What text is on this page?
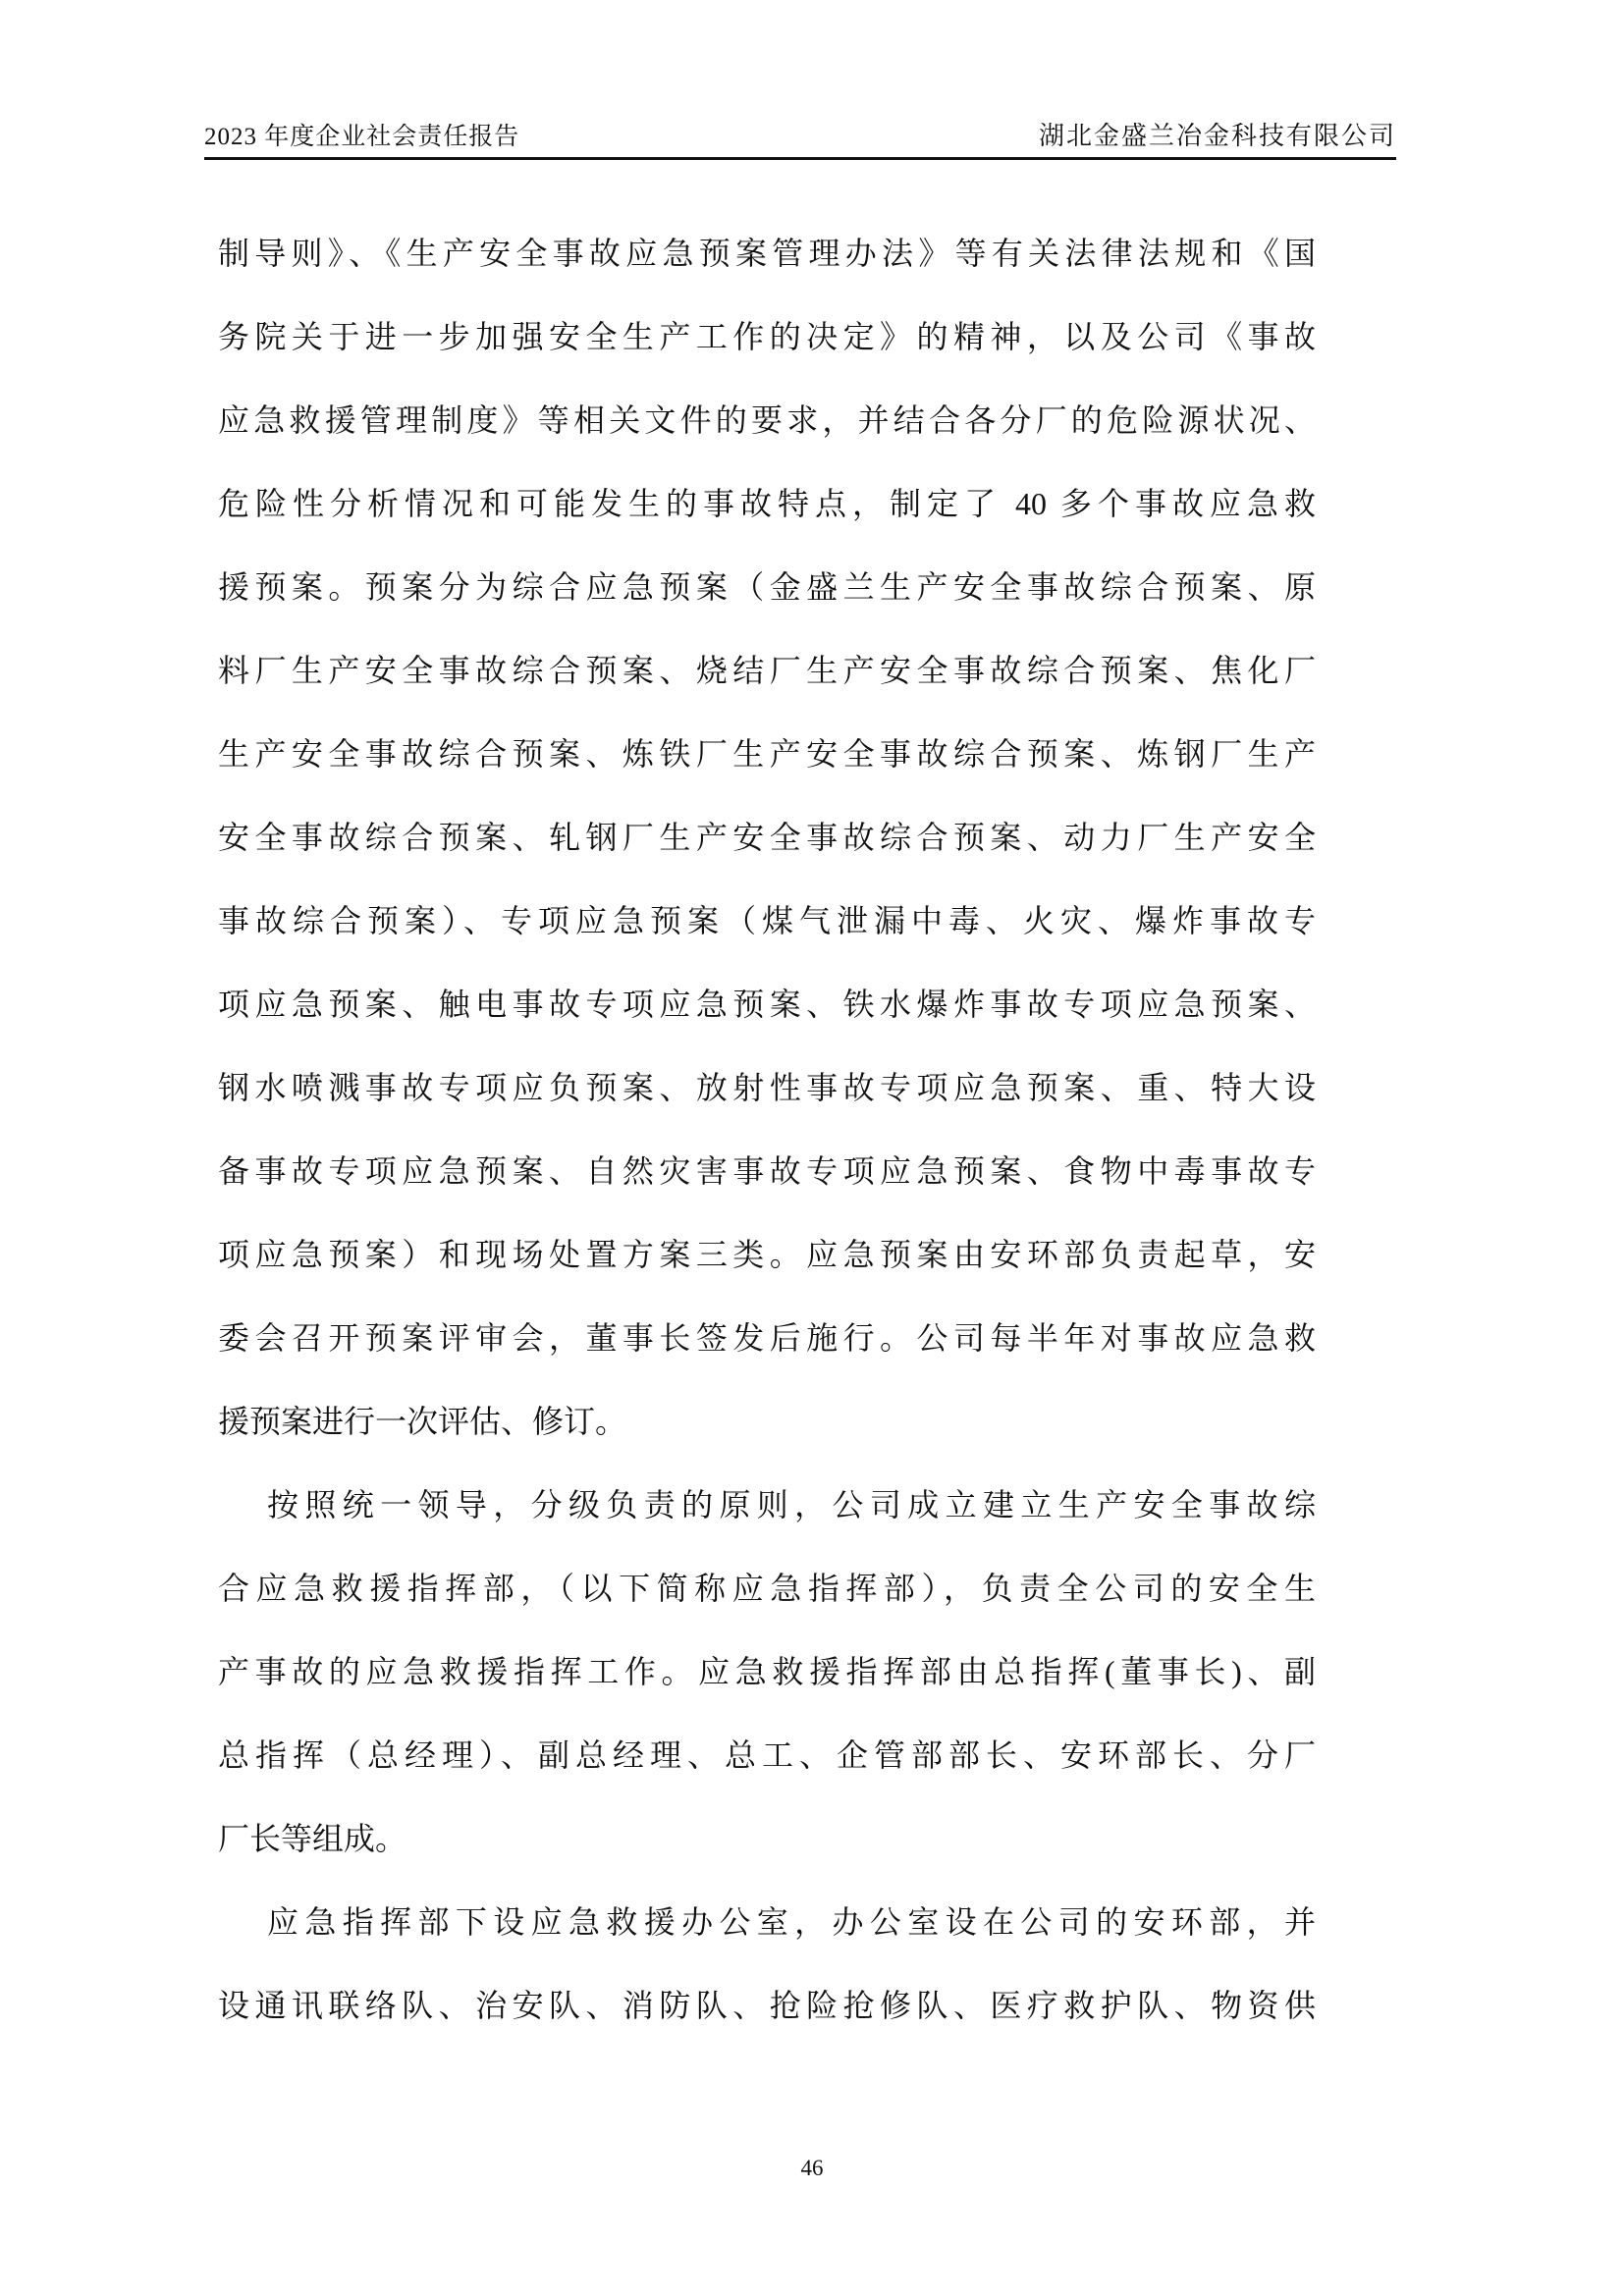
2023 年度企业社会责任报告	湖北金盛兰冶金科技有限公司
制导则》、《生产安全事故应急预案管理办法》等有关法律法规和《国
务院关于进一步加强安全生产工作的决定》的精神，以及公司《事故
应急救援管理制度》等相关文件的要求，并结合各分厂的危险源状况、
危险性分析情况和可能发生的事故特点，制定了 40 多个事故应急救
援预案。预案分为综合应急预案（金盛兰生产安全事故综合预案、原
料厂生产安全事故综合预案、烧结厂生产安全事故综合预案、焦化厂
生产安全事故综合预案、炼铁厂生产安全事故综合预案、炼钢厂生产
安全事故综合预案、轧钢厂生产安全事故综合预案、动力厂生产安全
事故综合预案）、专项应急预案（煤气泄漏中毒、火灾、爆炸事故专
项应急预案、触电事故专项应急预案、铁水爆炸事故专项应急预案、
钢水喷溅事故专项应负预案、放射性事故专项应急预案、重、特大设
备事故专项应急预案、自然灾害事故专项应急预案、食物中毒事故专
项应急预案）和现场处置方案三类。应急预案由安环部负责起草，安
委会召开预案评审会，董事长签发后施行。公司每半年对事故应急救
援预案进行一次评估、修订。
按照统一领导，分级负责的原则，公司成立建立生产安全事故综
合应急救援指挥部，（以下简称应急指挥部），负责全公司的安全生
产事故的应急救援指挥工作。应急救援指挥部由总指挥(董事长)、副
总指挥（总经理）、副总经理、总工、企管部部长、安环部长、分厂
厂长等组成。
应急指挥部下设应急救援办公室，办公室设在公司的安环部，并
设通讯联络队、治安队、消防队、抢险抢修队、医疗救护队、物资供
46
